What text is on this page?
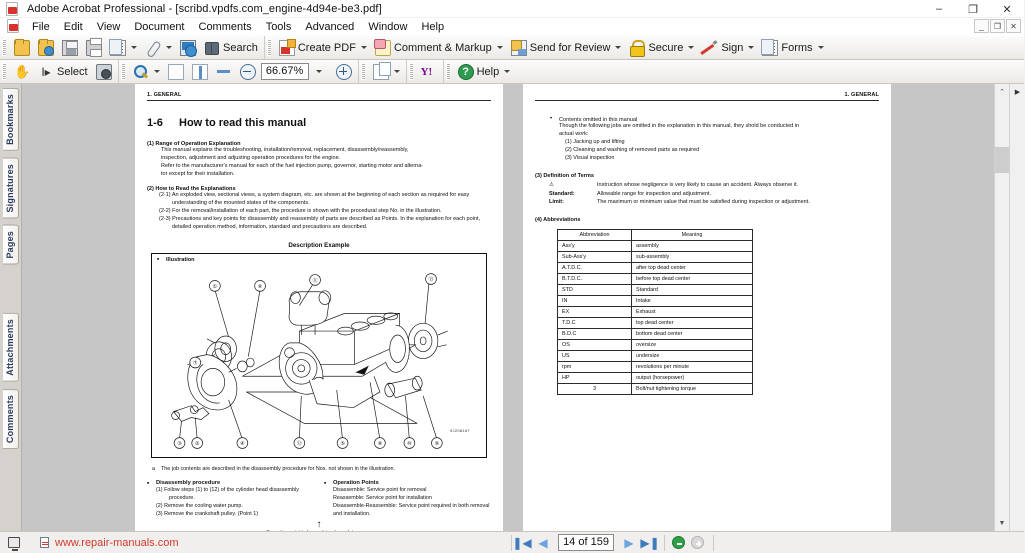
Adobe Acrobat Professional - [scribd.vpdfs.com_engine-4d94e-be3.pdf]	–	❐	✕
File	Edit	View	Document	Comments	Tools	Advanced	Window	Help	_	❐	✕
Search	Create PDF	Comment & Markup	Send for Review	Secure	Sign	Forms
✋ I▸ Select	66.67%	Y!	? Help
Bookmarks
Signatures
Pages
Attachments
Comments
1. GENERAL
1-6 How to read this manual
(1) Range of Operation Explanation
This manual explains the troubleshooting, installation/removal, replacement, disassembly/reassembly,
inspection, adjustment and adjusting operation procedures for the engine.
Refer to the manufacturer's manual for each of the fuel injection pump, governor, starting motor and alterna-
tor except for their installation.
(2) How to Read the Explanations
(2-1) An exploded view, sectional views, a system diagram, etc. are shown at the beginning of each section as required for easy understanding of the mounted states of the components.
(2-2) For the removal/installation of each part, the procedure is shown with the procedural step No. in the illustration.
(2-3) Precautions and key points for disassembly and reassembly of parts are described as Points. In the explanation for each point, detailed operation method, information, standard and precautions are described.
Description Example
■ Illustration
①	⑥
⑪	⑬
⑦
③	②	④	⑫	⑤	⑧	⑩	⑨
9J208167
a The job contents are described in the disassembly procedure for Nos. not shown in the illustration.
■ Disassembly procedure
(1) Follow steps (1) to (12) of the cylinder head disassembly procedure.
(2) Remove the cooling water pump.
(3) Remove the crankshaft pulley. (Point 1)
■ Operation Points
Disassemble: Service point for removal
Reassemble: Service point for installation
Disassemble-Reassemble: Service point required in both removal and installation.
↑
1. GENERAL
• Contents omitted in this manual
Though the following jobs are omitted in the explanation in this manual, they shold be conducted in
actual work:
(1) Jacking up and lifting
(2) Cleaning and washing of removed parts as required
(3) Visual inspection
(3) Definition of Terms
⚠	Instruction whose negligence is very likely to cause an accident. Always observe it.
Standard:	Allowable range for inspection and adjustment.
Limit:	The maximum or minimum value that must be satisfied during inspection or adjustment.
(4) Abbreviations
Abbreviation	Meaning
Ass'y	assembly
Sub-Ass'y	sub-assembly
A.T.D.C.	after top dead center
B.T.D.C.	before top dead center
STD	Standard
IN	Intake
EX	Exhaust
T.D.C	top dead center
B.D.C	bottom dead center
OS	oversize
US	undersize
rpm	revolutions per minute
HP	output (horsepower)
3	Bolt/nut tightening torque
⌃
▼
▶
www.repair-manuals.com	❚◀ ◀	14 of 159	▶ ▶❚
